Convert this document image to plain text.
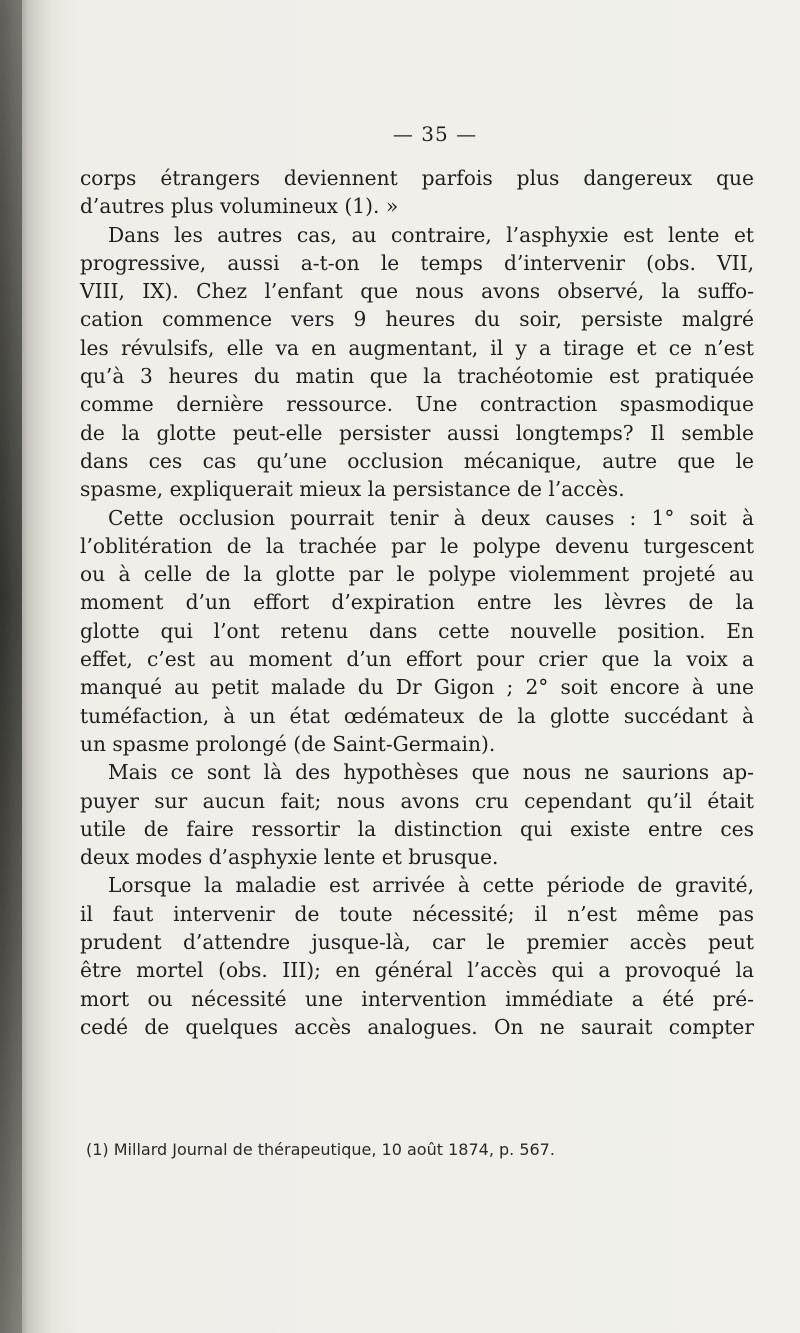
— 35 —
corps étrangers deviennent parfois plus dangereux que
d’autres plus volumineux (1). »
Dans les autres cas, au contraire, l’asphyxie est lente et
progressive, aussi a-t-on le temps d’intervenir (obs. VII,
VIII, IX). Chez l’enfant que nous avons observé, la suffo-
cation commence vers 9 heures du soir, persiste malgré
les révulsifs, elle va en augmentant, il y a tirage et ce n’est
qu’à 3 heures du matin que la trachéotomie est pratiquée
comme dernière ressource. Une contraction spasmodique
de la glotte peut-elle persister aussi longtemps? Il semble
dans ces cas qu’une occlusion mécanique, autre que le
spasme, expliquerait mieux la persistance de l’accès.
Cette occlusion pourrait tenir à deux causes : 1° soit à
l’oblitération de la trachée par le polype devenu turgescent
ou à celle de la glotte par le polype violemment projeté au
moment d’un effort d’expiration entre les lèvres de la
glotte qui l’ont retenu dans cette nouvelle position. En
effet, c’est au moment d’un effort pour crier que la voix a
manqué au petit malade du Dr Gigon ; 2° soit encore à une
tuméfaction, à un état œdémateux de la glotte succédant à
un spasme prolongé (de Saint-Germain).
Mais ce sont là des hypothèses que nous ne saurions ap-
puyer sur aucun fait; nous avons cru cependant qu’il était
utile de faire ressortir la distinction qui existe entre ces
deux modes d’asphyxie lente et brusque.
Lorsque la maladie est arrivée à cette période de gravité,
il faut intervenir de toute nécessité; il n’est même pas
prudent d’attendre jusque-là, car le premier accès peut
être mortel (obs. III); en général l’accès qui a provoqué la
mort ou nécessité une intervention immédiate a été pré-
cedé de quelques accès analogues. On ne saurait compter
(1) Millard Journal de thérapeutique, 10 août 1874, p. 567.
